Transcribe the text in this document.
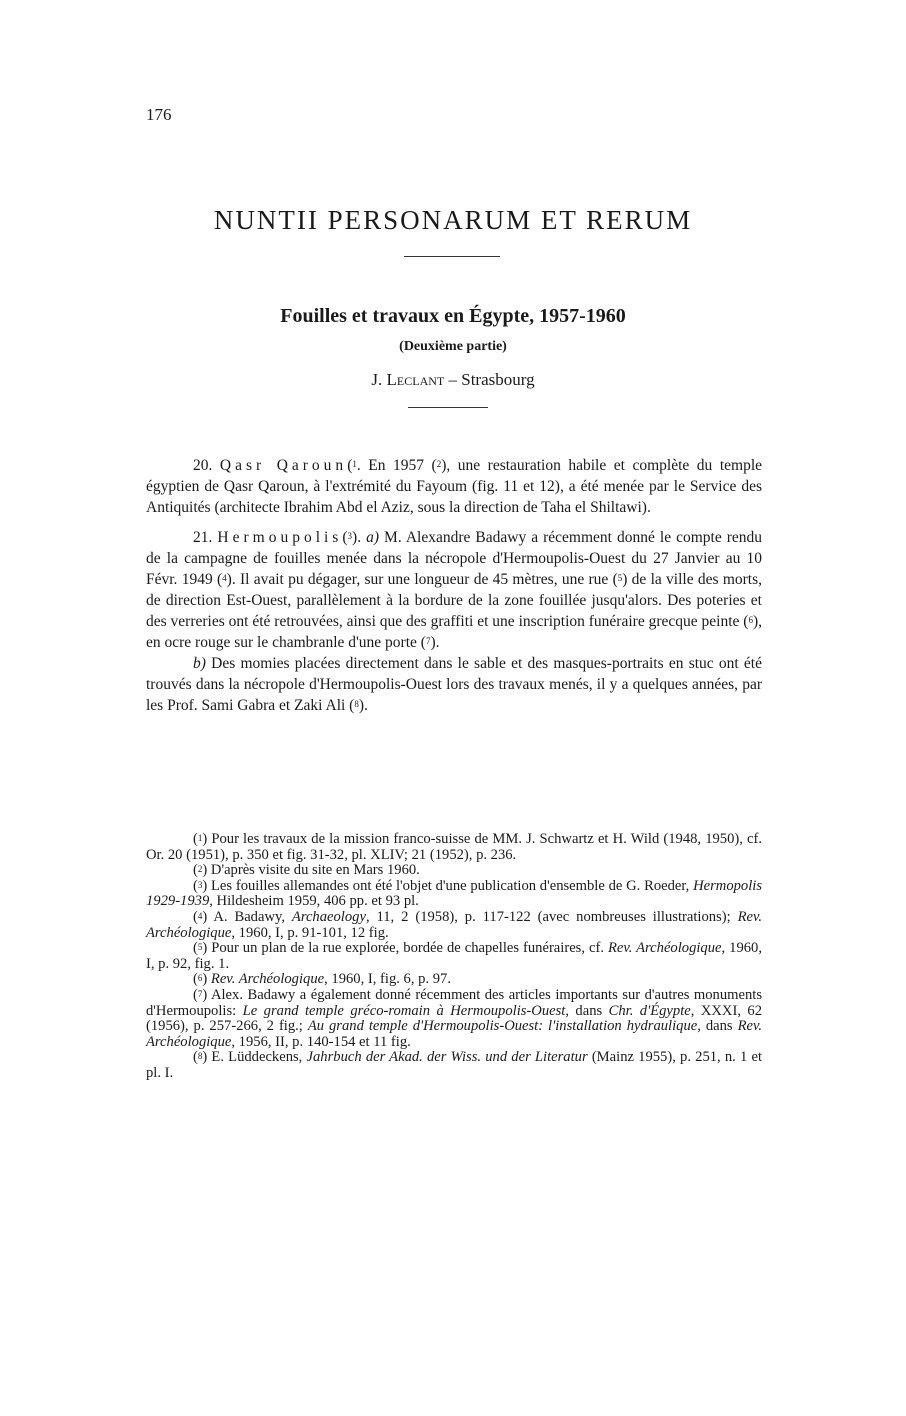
176
NUNTII PERSONARUM ET RERUM
Fouilles et travaux en Égypte, 1957-1960
(Deuxième partie)
J. Leclant – Strasbourg

20. Qasr Qaroun($^1$. En 1957 ($^2$), une restauration habile et complète du temple égyptien de Qasr Qaroun, à l'extrémité du Fayoum (fig. 11 et 12), a été menée par le Service des Antiquités (architecte Ibrahim Abd el Aziz, sous la direction de Taha el Shiltawi).

21. Hermoupolis($^3$). a) M. Alexandre Badawy a récemment donné le compte rendu de la campagne de fouilles menée dans la nécropole d'Hermoupolis-Ouest du 27 Janvier au 10 Févr. 1949 ($^4$). Il avait pu dégager, sur une longueur de 45 mètres, une rue ($^5$) de la ville des morts, de direction Est-Ouest, parallèlement à la bordure de la zone fouillée jusqu'alors. Des poteries et des verreries ont été retrouvées, ainsi que des graffiti et une inscription funéraire grecque peinte ($^6$), en ocre rouge sur le chambranle d'une porte ($^7$).

b) Des momies placées directement dans le sable et des masques-portraits en stuc ont été trouvés dans la nécropole d'Hermoupolis-Ouest lors des travaux menés, il y a quelques années, par les Prof. Sami Gabra et Zaki Ali ($^8$).

($^1$) Pour les travaux de la mission franco-suisse de MM. J. Schwartz et H. Wild (1948, 1950), cf. Or. 20 (1951), p. 350 et fig. 31-32, pl. XLIV; 21 (1952), p. 236.

($^2$) D'après visite du site en Mars 1960.

($^3$) Les fouilles allemandes ont été l'objet d'une publication d'ensemble de G. Roeder, Hermopolis 1929-1939, Hildesheim 1959, 406 pp. et 93 pl.

($^4$) A. Badawy, Archaeology, 11, 2 (1958), p. 117-122 (avec nombreuses illustrations); Rev. Archéologique, 1960, I, p. 91-101, 12 fig.

($^5$) Pour un plan de la rue explorée, bordée de chapelles funéraires, cf. Rev. Archéologique, 1960, I, p. 92, fig. 1.

($^6$) Rev. Archéologique, 1960, I, fig. 6, p. 97.

($^7$) Alex. Badawy a également donné récemment des articles importants sur d'autres monuments d'Hermoupolis: Le grand temple gréco-romain à Hermoupolis-Ouest, dans Chr. d'Égypte, XXXI, 62 (1956), p. 257-266, 2 fig.; Au grand temple d'Hermoupolis-Ouest: l'installation hydraulique, dans Rev. Archéologique, 1956, II, p. 140-154 et 11 fig.

($^8$) E. Lüddeckens, Jahrbuch der Akad. der Wiss. und der Literatur (Mainz 1955), p. 251, n. 1 et pl. I.
